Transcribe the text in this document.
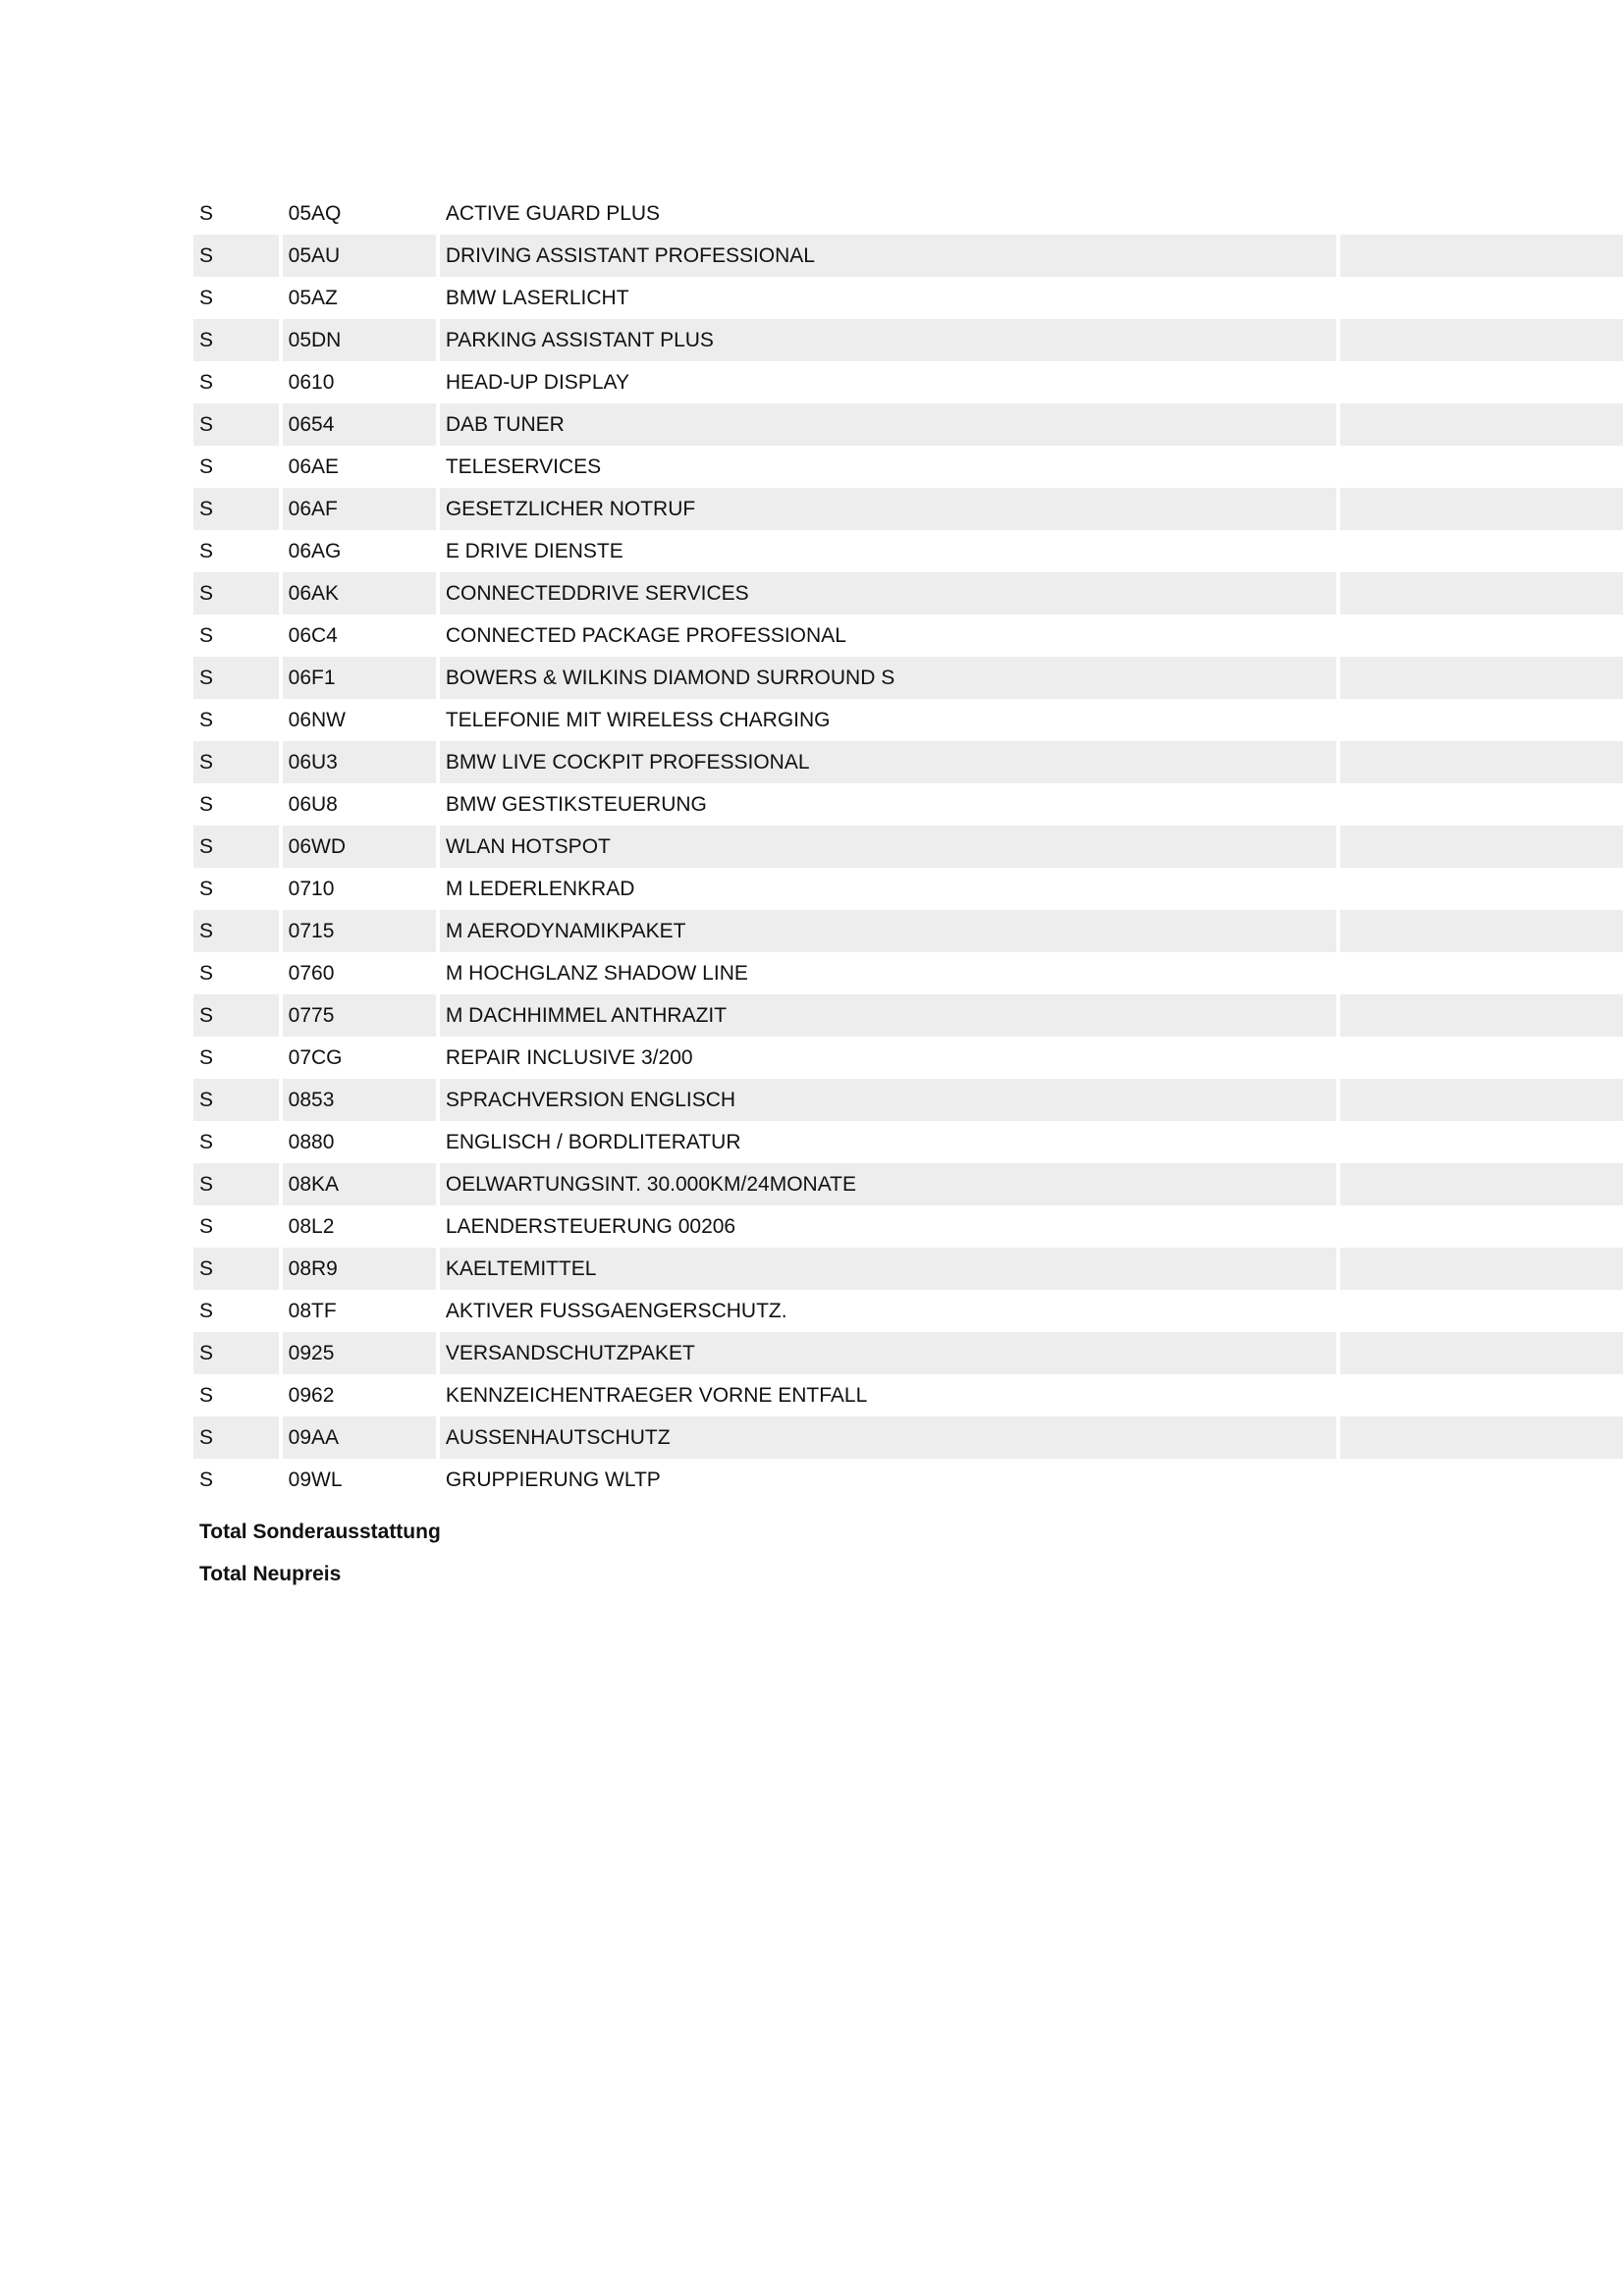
S	05AQ	ACTIVE GUARD PLUS	
S	05AU	DRIVING ASSISTANT PROFESSIONAL	
S	05AZ	BMW LASERLICHT	
S	05DN	PARKING ASSISTANT PLUS	
S	0610	HEAD-UP DISPLAY	
S	0654	DAB TUNER	
S	06AE	TELESERVICES	
S	06AF	GESETZLICHER NOTRUF	
S	06AG	E DRIVE DIENSTE	
S	06AK	CONNECTEDDRIVE SERVICES	
S	06C4	CONNECTED PACKAGE PROFESSIONAL	
S	06F1	BOWERS & WILKINS DIAMOND SURROUND S	
S	06NW	TELEFONIE MIT WIRELESS CHARGING	
S	06U3	BMW LIVE COCKPIT PROFESSIONAL	
S	06U8	BMW GESTIKSTEUERUNG	
S	06WD	WLAN HOTSPOT	
S	0710	M LEDERLENKRAD	
S	0715	M AERODYNAMIKPAKET	
S	0760	M HOCHGLANZ SHADOW LINE	
S	0775	M DACHHIMMEL ANTHRAZIT	
S	07CG	REPAIR INCLUSIVE 3/200	
S	0853	SPRACHVERSION ENGLISCH	
S	0880	ENGLISCH / BORDLITERATUR	
S	08KA	OELWARTUNGSINT. 30.000KM/24MONATE	
S	08L2	LAENDERSTEUERUNG 00206	
S	08R9	KAELTEMITTEL	
S	08TF	AKTIVER FUSSGAENGERSCHUTZ.	
S	0925	VERSANDSCHUTZPAKET	
S	0962	KENNZEICHENTRAEGER VORNE ENTFALL	
S	09AA	AUSSENHAUTSCHUTZ	
S	09WL	GRUPPIERUNG WLTP	
Total Sonderausstattung
Total Neupreis
